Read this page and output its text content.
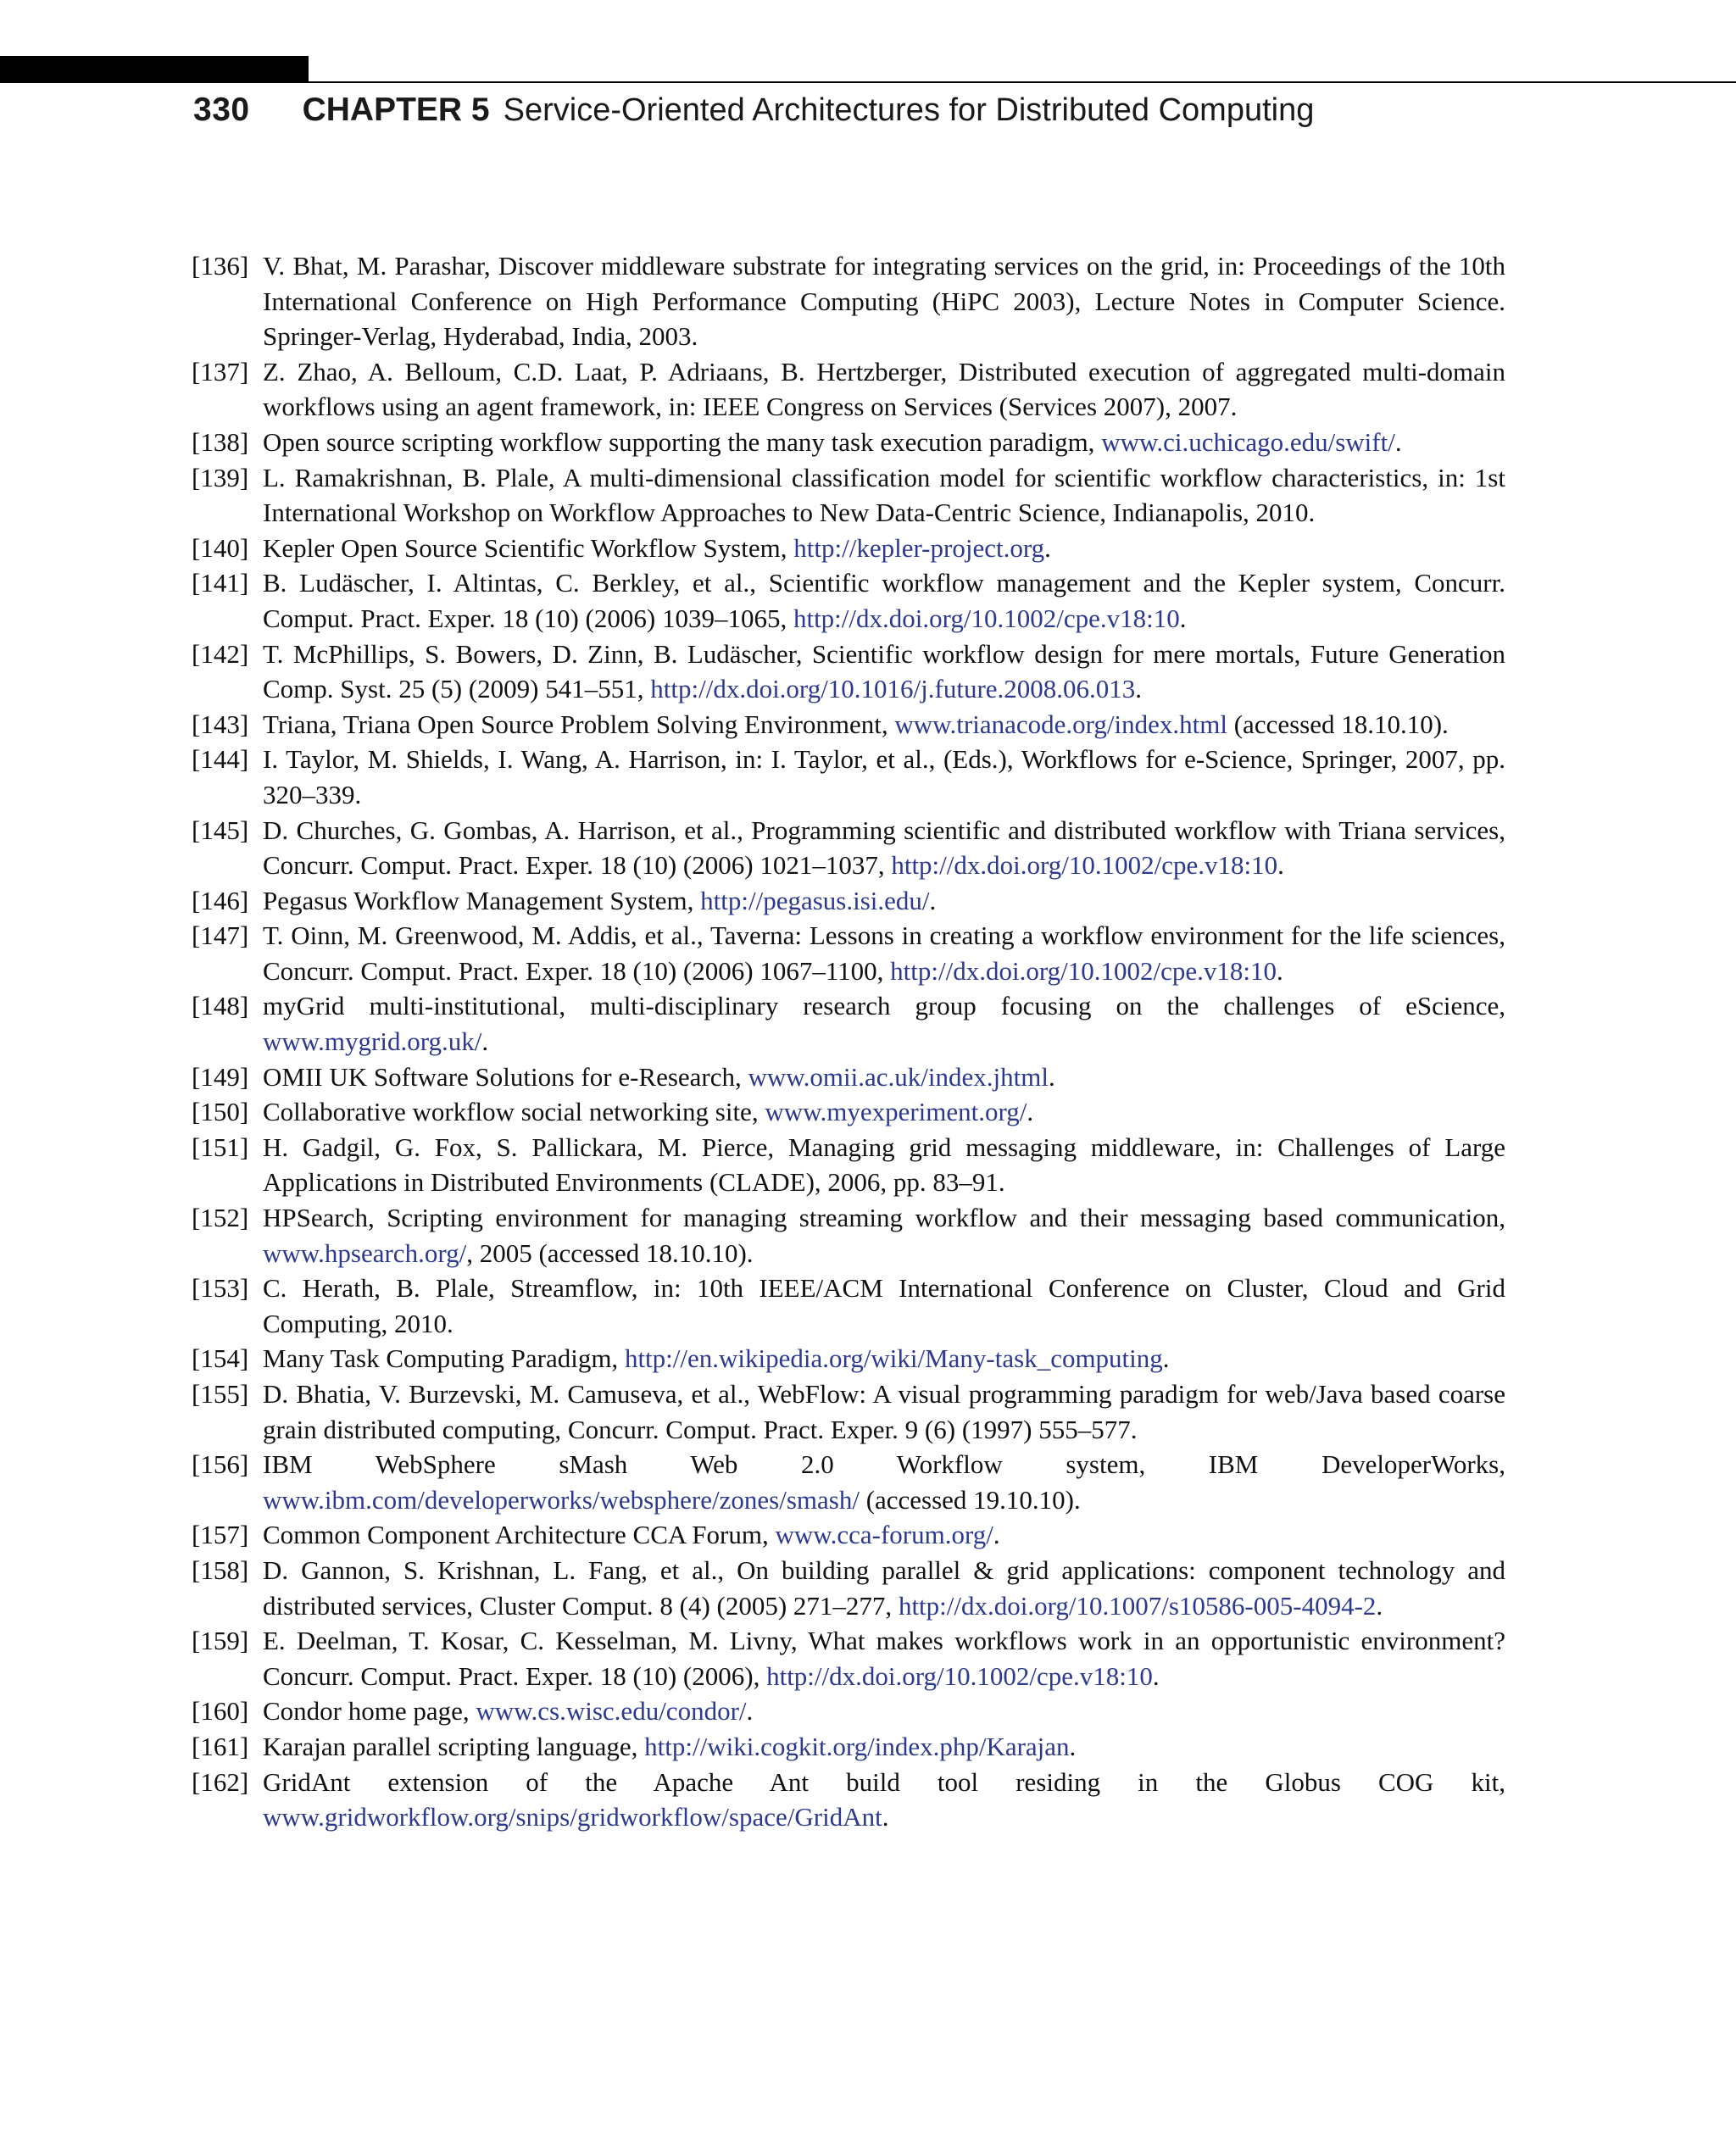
330 CHAPTER 5 Service-Oriented Architectures for Distributed Computing
[136] V. Bhat, M. Parashar, Discover middleware substrate for integrating services on the grid, in: Proceedings of the 10th International Conference on High Performance Computing (HiPC 2003), Lecture Notes in Computer Science. Springer-Verlag, Hyderabad, India, 2003.
[137] Z. Zhao, A. Belloum, C.D. Laat, P. Adriaans, B. Hertzberger, Distributed execution of aggregated multi-domain workflows using an agent framework, in: IEEE Congress on Services (Services 2007), 2007.
[138] Open source scripting workflow supporting the many task execution paradigm, www.ci.uchicago.edu/swift/.
[139] L. Ramakrishnan, B. Plale, A multi-dimensional classification model for scientific workflow characteristics, in: 1st International Workshop on Workflow Approaches to New Data-Centric Science, Indianapolis, 2010.
[140] Kepler Open Source Scientific Workflow System, http://kepler-project.org.
[141] B. Ludäscher, I. Altintas, C. Berkley, et al., Scientific workflow management and the Kepler system, Concurr. Comput. Pract. Exper. 18 (10) (2006) 1039–1065, http://dx.doi.org/10.1002/cpe.v18:10.
[142] T. McPhillips, S. Bowers, D. Zinn, B. Ludäscher, Scientific workflow design for mere mortals, Future Generation Comp. Syst. 25 (5) (2009) 541–551, http://dx.doi.org/10.1016/j.future.2008.06.013.
[143] Triana, Triana Open Source Problem Solving Environment, www.trianacode.org/index.html (accessed 18.10.10).
[144] I. Taylor, M. Shields, I. Wang, A. Harrison, in: I. Taylor, et al., (Eds.), Workflows for e-Science, Springer, 2007, pp. 320–339.
[145] D. Churches, G. Gombas, A. Harrison, et al., Programming scientific and distributed workflow with Triana services, Concurr. Comput. Pract. Exper. 18 (10) (2006) 1021–1037, http://dx.doi.org/10.1002/cpe.v18:10.
[146] Pegasus Workflow Management System, http://pegasus.isi.edu/.
[147] T. Oinn, M. Greenwood, M. Addis, et al., Taverna: Lessons in creating a workflow environment for the life sciences, Concurr. Comput. Pract. Exper. 18 (10) (2006) 1067–1100, http://dx.doi.org/10.1002/cpe.v18:10.
[148] myGrid multi-institutional, multi-disciplinary research group focusing on the challenges of eScience, www.mygrid.org.uk/.
[149] OMII UK Software Solutions for e-Research, www.omii.ac.uk/index.jhtml.
[150] Collaborative workflow social networking site, www.myexperiment.org/.
[151] H. Gadgil, G. Fox, S. Pallickara, M. Pierce, Managing grid messaging middleware, in: Challenges of Large Applications in Distributed Environments (CLADE), 2006, pp. 83–91.
[152] HPSearch, Scripting environment for managing streaming workflow and their messaging based communication, www.hpsearch.org/, 2005 (accessed 18.10.10).
[153] C. Herath, B. Plale, Streamflow, in: 10th IEEE/ACM International Conference on Cluster, Cloud and Grid Computing, 2010.
[154] Many Task Computing Paradigm, http://en.wikipedia.org/wiki/Many-task_computing.
[155] D. Bhatia, V. Burzevski, M. Camuseva, et al., WebFlow: A visual programming paradigm for web/Java based coarse grain distributed computing, Concurr. Comput. Pract. Exper. 9 (6) (1997) 555–577.
[156] IBM WebSphere sMash Web 2.0 Workflow system, IBM DeveloperWorks, www.ibm.com/developerworks/websphere/zones/smash/ (accessed 19.10.10).
[157] Common Component Architecture CCA Forum, www.cca-forum.org/.
[158] D. Gannon, S. Krishnan, L. Fang, et al., On building parallel & grid applications: component technology and distributed services, Cluster Comput. 8 (4) (2005) 271–277, http://dx.doi.org/10.1007/s10586-005-4094-2.
[159] E. Deelman, T. Kosar, C. Kesselman, M. Livny, What makes workflows work in an opportunistic environment? Concurr. Comput. Pract. Exper. 18 (10) (2006), http://dx.doi.org/10.1002/cpe.v18:10.
[160] Condor home page, www.cs.wisc.edu/condor/.
[161] Karajan parallel scripting language, http://wiki.cogkit.org/index.php/Karajan.
[162] GridAnt extension of the Apache Ant build tool residing in the Globus COG kit, www.gridworkflow.org/snips/gridworkflow/space/GridAnt.
